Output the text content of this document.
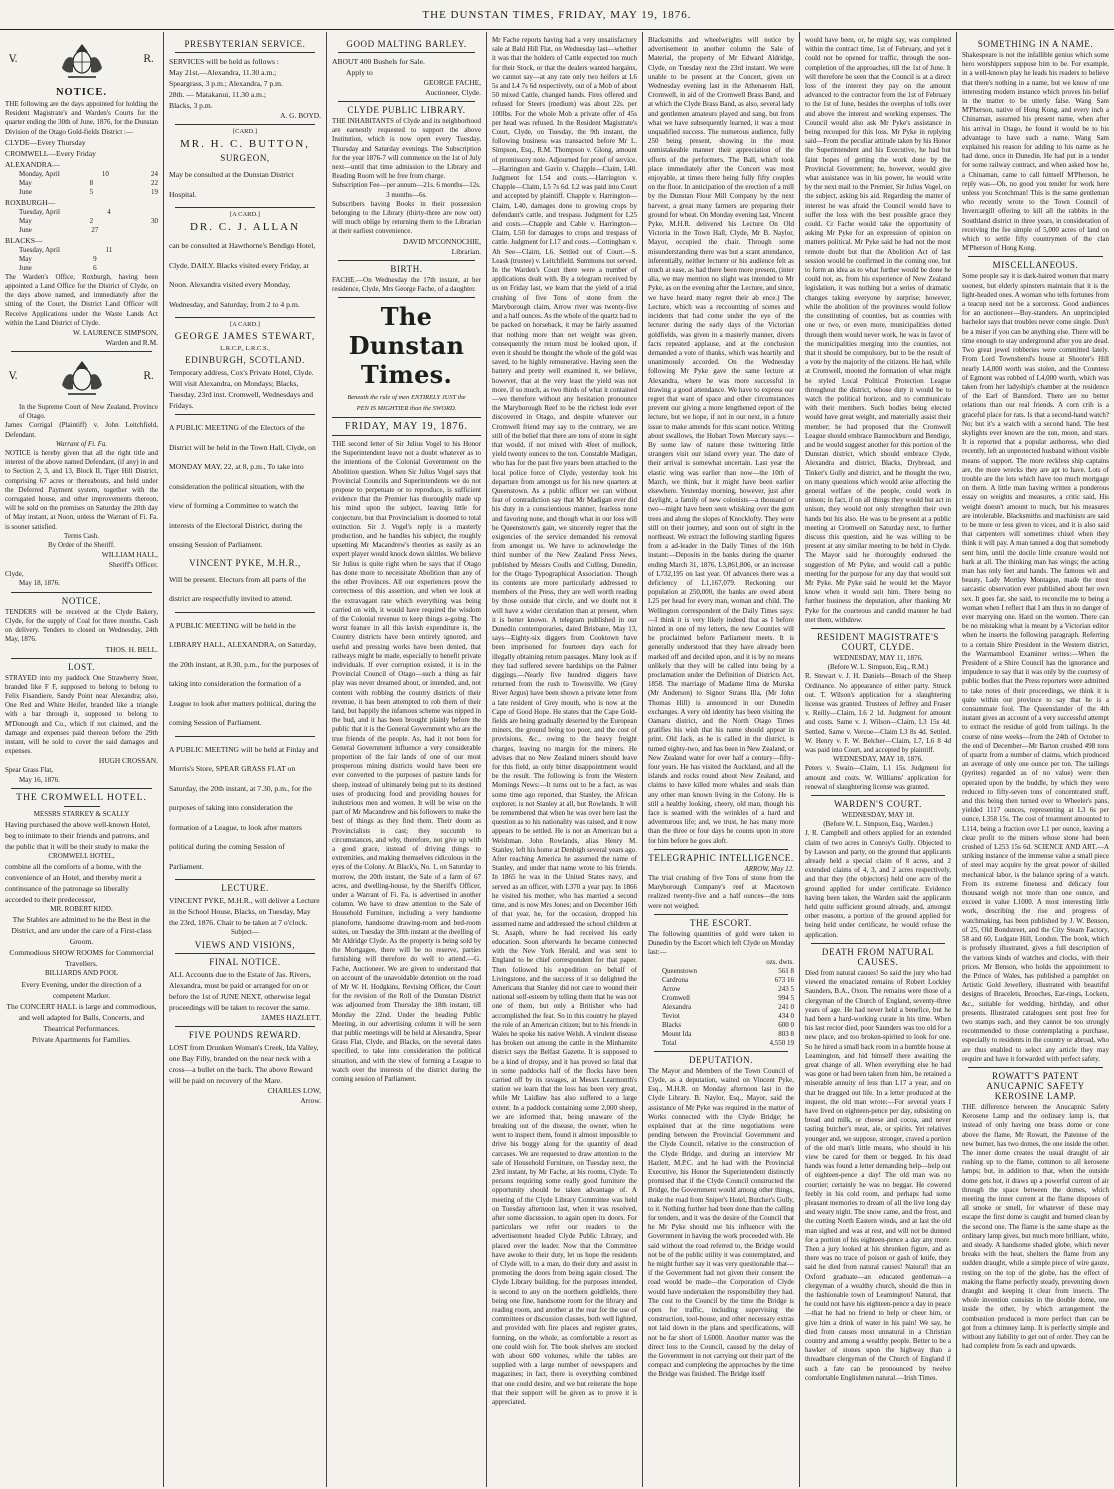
THE DUNSTAN TIMES, FRIDAY, MAY 19, 1876.
V.	R.
NOTICE.
THE following are the days appointed for holding the Resident Magistrate's and Warden's Courts for the quarter ending the 30th of June, 1876, for the Dunstan Division of the Otago Gold-fields District :—
CLYDE—Every Thursday
CROMWELL—Every Friday
ALEXANDRA—
Monday, April	10	24
May	8	22
June	5	19
ROXBURGH—
Tuesday, April	4
May	2	30
June	27
BLACKS—
Tuesday, April	11
May	9
June	6
The Warden's Office, Roxburgh, having been appointed a Land Office for the District of Clyde, on the days above named, and immediately after the sitting of the Court, the District Land Officer will Receive Applications under the Waste Lands Act within the Land District of Clyde.
W. LAURENCE SIMPSON,
Warden and R.M.
V.	R.
In the Supreme Court of New Zealand, Province of Otago.
James Corrigal (Plaintiff) v. John Leitchfield, Defendant.
Warrant of Fi. Fa.
NOTICE is hereby given that all the right title and interest of the above named Defendant, (if any) in and to Section 2, 3, and 13, Block II, Tiger Hill District, comprising 67 acres or thereabouts, and held under the Deferred Payment system, together with the corrugated house, and other improvements thereon, will be sold on the premises on Saturday the 20th day of May instant, at Noon, unless the Warrant of Fi. Fa. is sooner satisfied.
Terms Cash.
By Order of the Sheriff.
WILLIAM HALL,
Sheriff's Officer.
Clyde,
May 18, 1876.
NOTICE.
TENDERS will be received at the Clyde Bakery, Clyde, for the supply of Coal for three months. Cash on delivery. Tenders to closed on Wednesday, 24th May, 1876.
THOS. H. BELL.
LOST.
STRAYED into my paddock One Strawberry Steer, branded like F F, supposed to belong to belong to Felix Fisandiere, Sandy Point near Alexandra; also, One Red and White Heifer, branded like a triangle with a bar through it, supposed to belong to M'Donough and Co., which if not claimed, and the damage and expenses paid thereon before the 29th instant, will be sold to cover the said damages and expenses.
HUGH CROSSAN.
Spear Grass Flat,
May 16, 1876.
THE CROMWELL HOTEL.
MESSRS STARKEY & SCALLY
Having purchased the above well-known Hotel, beg to intimate to their friends and patrons, and the public that it will be their study to make the
CROMWELL HOTEL,
combine all the comforts of a home, with the convenience of an Hotel, and thereby merit a continuance of the patronage so liberally accorded to their predecessor,
MR. ROBERT KIDD.
The Stables are admitted to be the Best in the District, and are under the care of a First-class Groom.
Commodious SHOW ROOMS for Commercial Travellers.
BILLIARDS AND POOL
Every Evening, under the direction of a competent Marker.
The CONCERT HALL is large and commodious, and well adapted for Balls, Concerts, and Theatrical Performances.
Private Apartments for Families.
PRESBYTERIAN SERVICE.
SERVICES will be held as follows :
May 21st.—Alexandra, 11.30 a.m.;
Speargrass, 3 p.m.; Alexandra, 7 p.m.
28th. — Matakanui, 11.30 a.m.;
Blacks, 3 p.m.
A. G. BOYD.
[CARD.]
MR. H. C. BUTTON,
SURGEON,
May be consulted at the Dunstan District Hospital.
[A CARD.]
DR. C. J. ALLAN
can be consulted at Hawthorne's Bendigo Hotel, Clyde, DAILY. Blacks visited every Friday, at Noon. Alexandra visited every Monday, Wednesday, and Saturday, from 2 to 4 p.m.
[A CARD.]
GEORGE JAMES STEWART,
L.R.C.P., L.R.C.S.,
EDINBURGH, SCOTLAND.
Temporary address, Cox's Private Hotel, Clyde. Will visit Alexandra, on Mondays; Blacks, Tuesday, 23rd inst. Cromwell, Wednesdays and Fridays.
A PUBLIC MEETING of the Electors of the District will be held in the Town Hall, Clyde, on MONDAY MAY, 22, at 8, p.m., To take into consideration the political situation, with the view of forming a Committee to watch the interests of the Electoral District, during the ensuing Session of Parliament.
VINCENT PYKE, M.H.R.,
Will be present. Electors from all parts of the district are respectfully invited to attend.
A PUBLIC MEETING will be held in the LIBRARY HALL, ALEXANDRA, on Saturday, the 20th instant, at 8.30, p.m., for the purposes of taking into consideration the formation of a League to look after matters political, during the coming Session of Parliament.
A PUBLIC MEETING will be held at Finlay and Morris's Store, SPEAR GRASS FLAT on Saturday, the 20th instant, at 7.30, p.m., for the purposes of taking into consideration the formation of a League, to look after matters political during the coming Session of Parliament.
LECTURE.
VINCENT PYKE, M.H.R., will deliver a Lecture in the School House, Blacks, on Tuesday, May the 23rd, 1876. Chair to be taken at 7 o'clock.
Subject—
VIEWS AND VISIONS,
FINAL NOTICE.
ALL Accounts due to the Estate of Jas. Rivers, Alexandra, must be paid or arranged for on or before the 1st of JUNE NEXT, otherwise legal proceedings will be taken to recover the same.
JAMES HAZLETT.
FIVE POUNDS REWARD.
LOST from Drunken Woman's Creek, Ida Valley, one Bay Filly, branded on the near neck with a cross—a bullet on the back. The above Reward will be paid on recovery of the Mare.
CHARLES LOW,
Arrow.
GOOD MALTING BARLEY.
ABOUT 400 Bushels for Sale.
Apply to
GEORGE FACHE,
Auctioneer, Clyde.
CLYDE PUBLIC LIBRARY.
THE INHABITANTS of Clyde and its neighborhood are earnestly requested to support the above Institution, which is now open every Tuesday, Thursday and Saturday evenings. The Subscription for the year 1876-7 will commence on the 1st of July next—until that time admission to the Library and Reading Room will be free from charge.
Subscription Fee—per annum—21s. 6 months—12s. 3 months—6s.
Subscribers having Books in their possession belonging to the Library (thirty-three are now out) will much oblige by returning them to the Librarian at their earliest convenience.
DAVID M'CONNOCHIE,
Librarian.
BIRTH.
FACHE.—On Wednesday the 17th instant, at her residence, Clyde, Mrs George Fache, of a daughter.
The Dunstan Times.
Beneath the rule of men ENTIRELY JUST the
PEN IS MIGHTIER than the SWORD.
FRIDAY, MAY 19, 1876.
THE second letter of Sir Julius Vogel to his Honor the Superintendent leave not a doubt whatever as to the intentions of the Colonial Government on the Abolition question. When Sir Julius Vogel says that Provincial Councils and Superintendents we do not propose to perpetuate or to reproduce, is sufficient evidence that the Premier has thoroughly made up his mind upon the subject, leaving little for conjecture, but that Provincialism is doomed to total extinction. Sir J. Vogel's reply is a masterly production, and he handles his subject, the roughly upsetting Mr Macandrew's theories as easily as an expert player would knock down skittles. We believe Sir Julius is quite right when he says that if Otago has done more to necessitate Abolition than any of the other Provinces. All our experiences prove the correctness of this assertion, and when we look at the extravagant rate which everything was being carried on with, it would have required the wisdom of the Colonial revenue to keep things a-going. The worst feature in all this lavish expenditure is, the Country districts have been entirely ignored, and useful and pressing works have been denied, that railways might be made, especially to benefit private individuals. If ever corruption existed, it is in the Provincial Council of Otago—such a thing as fair play was never dreamed about, or intended, and, not content with robbing the country districts of their revenue, it has been attempted to rob them of their land, but happily the infamous scheme was nipped in the bud, and it has been brought plainly before the public that it is the General Government who are the true friends of the people. As, had it not been for General Government influence a very considerable proportion of the fair lands of one of our most prosperous mining districts would have been ere ever converted to the purposes of pasture lands for sheep, instead of ultimately being put to its destined uses of producing food and providing houses for industrious men and women. It will be wise on the part of Mr Macandrew and his followers to make the best of things as they find them. Their doom as Provincialists is cast; they succumb to circumstances, and why, therefore, not give up with a good grace, instead of driving things to extremities, and making themselves ridiculous in the eyes of the Colony. At Black's, No. 1, on Saturday to morrow, the 20th instant, the Sale of a farm of 67 acres, and dwelling-house, by the Sheriff's Officer, under a Warrant of Fi. Fa. is advertised in another column. We have to draw attention to the Sale of Household Furniture, including a very handsome pianoforte, handsome drawing-room and bed-room suites, on Tuesday the 30th instant at the dwelling of Mr Aldridge Clyde. As the property is being sold by the Mortgagee, there will be no reserve, parties furnishing will therefore do well to attend.—G. Fache, Auctioneer. We are given to understand that on account of the unavoidable detention on the road of Mr W. H. Hodgkins, Revising Officer, the Court for the revision of the Roll of the Dunstan District was adjourned from Thursday the 18th instant, till Monday the 22nd. Under the heading Public Meeting, in our advertising column it will be seen that public meetings will be held at Alexandra, Spear Grass Flat, Clyde, and Blacks, on the several dates specified, to take into consideration the political situation, and with the view of forming a League to watch over the interests of the district during the coming session of Parliament.
Mr Fache reports having had a very unsatisfactory sale at Bald Hill Flat, on Wednesday last—whether it was that the holders of Cattle expected too much for their Stock, or that the dealers wanted bargains, we cannot say—at any rate only two heifers at L6 5s and L4 7s 6d respectively, out of a Mob of about 50 mixed Cattle, changed hands. Fires offered and refused for Steers (medium) was about 22s. per 100lbs. For the whole Mob a private offer of 45s per head was refused. In the Resident Magistrate's Court, Clyde, on Tuesday, the 9th instant, the following business was transacted before Mr L. Simpson, Esq., R.M. Thompson v. Glong, amount of promissory note. Adjourned for proof of service.—Harrington and Gavin v. Chapple—Claim, L40. Judgment for L54 and costs.—Harrington v. Chapple—Claim, L5 7s 6d. L2 was paid into Court and accepted by plaintiff. Chapple v. Harrington—Claim, L40, damages done to growing crops by defendant's cattle, and trespass. Judgment for L25 and costs.—Chapple and Cable v. Harrington—Claim, L50 for damages to crops and trespass of cattle. Judgment for L17 and costs.—Cottingham v. Ah See—Claim, L6. Settled out of Court.—S. Leask (trustee) v. Leitchfield. Summons not served. In the Warden's Court there were a number of applications dealt with. By a telegram received by us on Friday last, we learn that the yield of a trial crushing of five Tons of stone from the Maryborough claim, Arrow river was twenty-five and a half ounces. As the whole of the quartz had to be packed on horseback, it may be fairly assumed that nothing more than net weight was given, consequently the return must be looked upon, if even it should be thought the whole of the gold was saved, to be highly remunerative. Having seen the battery and pretty well examined it, we believe, however, that at the very least the yield was not more, if so much, as two thirds of what it contained—we therefore without any hesitation pronounce the Maryborough Reef to be the richest lode ever discovered in Otago, and despite whatever our Cromwell friend may say to the contrary, we are still of the belief that there are tons of stone in sight that would, if not mixed with 4feet of mullock, yield twenty ounces to the ton. Constable Madigan, who has for the past five years been attached to the local police force of Clyde, yesterday took his departure from amongst us for his new quarters at Queenstown. As a public officer we can without fear of contradiction say that Mr Madigan ever did his duty in a conscientious manner, fearless none and favoring none, and though what in our loss will be Queenstown's gain, we sincerely regret that the exigencies of the service demanded his removal from amongst us. We have to acknowledge the third number of the New Zealand Press News, published by Messrs Coulls and Culling, Dunedin, for the Otago Typographical Association. Though its contents are more particularly addressed to members of the Press, they are well worth reading by those outside that circle, and we doubt not it will have a wider circulation than at present, when it is better known. A telegram published in our Dunedin contemporaries, dated Brisbane, May 13, says—Eighty-six diggers from Cooktown have been imprisoned for fourteen days each for illegally obtaining return passages. Many look as if they had suffered severe hardships on the Palmer diggings.—Nearly five hundred diggers have returned from the rush to Townsville. We (Grey River Argus) have been shown a private letter from a late resident of Grey mouth, who is now at the Cape of Good Hope. He states that the Cape Gold-fields are being gradually deserted by the European miners, the ground being too poor, and the cost of provisions, &c., owing to the heavy freight charges, leaving no margin for the miners. He advises that no New Zealand miners should leave for this field, as only bitter disappointment would be the result. The following is from the Western Mornings News:—It turns out to be a fact, as was some time ago reported, that Stanley, the African explorer, is not Stanley at all, but Rowlands. It will be remembered that when he was over here last the question as to his nationality was raised, and it now appears to be settled. He is not an American but a Welshman. John Rowlands, alias Henry M. Stanley, left his home at Denbigh several years ago. After reaching America he assumed the name of Stanley, and under that name wrote to his friends. In 1865 he was in the United States navy, and served as an officer, with L370 a year pay. In 1866 he visited his mother, who has married a second time, and is now Mrs Jones; and on December 16th of that year, he, for the occasion, dropped his assumed name and addressed the school children at St. Asaph, where he had received his early education. Soon afterwards he became connected with the New York Herald, and was sent to England to be chief correspondent for that paper. Then followed his expedition on behalf of Livingstone, and the success of it so delighted the Americans that Stanley did not care to wound their national self-esteem by telling them that he was not one of them, but only a Britisher who had accomplished the feat. So in this country he played the role of an American citizen; but to his friends in Wales he spoke his native Welsh. A virulent disease has broken out among the cattle in the Minhamite district says the Belfast Gazette. It is supposed to be a kind of dropsy, and it has proved so fatal that in some paddocks half of the flocks have been carried off by its ravages, at Messrs Learmonth's station we learn that the loss has been very great, while Mr Laidlaw has also suffered to a large extent. In a paddock containing some 2,000 sheep, we are informed that, being unaware of the breaking out of the disease, the owner, when he went to inspect them, found it almost impossible to drive his boggy along for the quantity of dead carcases. We are requested to draw attention to the sale of Household Furniture, on Tuesday next, the 23rd instant, by Mr Fache, at his rooms, Clyde. To persons requiring some really good furniture the opportunity should be taken advantage of. A meeting of the Clyde Library Committee was held on Tuesday afternoon last, when it was resolved, after some discussion, to again open its doors. For particulars we refer our readers to the advertisement headed Clyde Public Library, and placed over the leader. Now that the Committee have awoke to their duty, let us hope the residents of Clyde will, to a man, do their duty and assist in promoting the doors from being again closed. The Clyde Library building, for the purposes intended, is second to any on the northern goldfields, there being one fine, handsome room for the library and reading room, and another at the rear for the use of committees or discussion classes, both well lighted, and provided with fire places and register grates, forming, on the whole, as comfortable a resort as one could wish for. The book shelves are stocked with about 600 volumes, while the tables are supplied with a large number of newspapers and magazines; in fact, there is everything combined that one could desire, and we but reiterate the hope that their support will be given as to prove it is appreciated.
Blacksmiths and wheelwrights will notice by advertisement in another column the Sale of Material, the property of Mr Edward Aldridge, Clyde, on Tuesday next the 23rd instant. We were unable to be present at the Concert, given on Wednesday evening last in the Athenaeum Hall, Cromwell, in aid of the Cromwell Brass Band, and at which the Clyde Brass Band, as also, several lady and gentlemen amateurs played and sang, but from what we have subsequently learned, it was a most unqualified success. The numerous audience, fully 250 being present, showing in the most unmistakeable manner their appreciation of the efforts of the performers. The Ball, which took place immediately after the Concert was most enjoyable, at times there being fully fifty couples on the floor. In anticipation of the erection of a mill by the Dunstan Flour Mill Company by the next harvest, a great many farmers are preparing their ground for wheat. On Monday evening last, Vincent Pyke, M.H.R. delivered his Lecture On Old Victoria in the Town Hall, Clyde, Mr B. Naylor, Mayor, occupied the chair. Through some misunderstanding there was but a scant attendance, inferentially, neither lecturer or his audience felt as much at ease, as had there been more present, (inter alia, we may mention no slight was intended to Mr Pyke, as on the evening after the Lecture, and since, we have heard many regret their ab ence.) The Lecture, which was a reccounting of scenes and incidents that had come under the eye of the lecturer during the early days of the Victorian goldfields, was given in a masterly manner, divers facts repeated applause, and at the conclusion demanded a vote of thanks, which was heartily and unanimously accorded. On the Wednesday following Mr Pyke gave the same lecture at Alexandra, where he was more successful in drawing a good attendance. We have to express our regret that want of space and other circumstances prevent our giving a more lengthened report of the lecture, but we hope, if not in our next, in a future issue to make amends for this scant notice. Writing about swallows, the Hobart Town Mercury says:—By some law of nature these twittering little strangers visit our island every year. The date of their arrival is somewhat uncertain. Last year the elastic wing was earlier than now—the 10th of March, we think, but it might have been earlier elsewhere. Yesterday morning, however, just after daylight, a family of new colonists—a thousand or two—might have been seen whisking over the gum trees and along the slopes of Knocklofty. They were still on their journey, and soon out of sight in the northeast. We extract the following startling figures from a ad-leader in the Daily Times of the 16th instant:—Deposits in the banks during the quarter ending March 31, 1876, L3,861,806, or an increase of L732,195 on last year. Of advances there was a deficiency of L1,167,079. Reckoning our population at 250,000, the banks are owed about L25 per head for every man, woman and child. The Wellington correspondent of the Daily Times says:—I think it is very likely indeed that as I before hinted in one of my letters, the new Counties will be proclaimed before Parliament meets. It is generally understood that they have already been marked off and decided upon, and it is by no means unlikely that they will be called into being by a proclamation under the Definition of Districts Act, 1858. The marriage of Madame Ilma de Murska (Mr Anderson) to Signor Strans Illa, (Mr John Thomas Hill) is announced in our Dunedin exchanges. A very old identity has been visiting the Oamaru district, and the North Otago Times gratifies his wish that his name should appear in print. Old Jack, as he is called in the district, is turned eighty-two, and has been in New Zealand, or New Zealand water for over half a century—fifty-four years. He has visited the Auckland, and all the islands and rocks round about New Zealand, and claims to have killed more whales and seals than any other man known living in the Colony. He is still a healthy looking, cheery, old man, though his face is seamed with the wrinkles of a hard and adventurous life; and, we trust, he has many more than the three or four days he counts upon in store for him before he goes aloft.
TELEGRAPHIC INTELLIGENCE.
ARROW, May 12.
The trial crushing of five Tons of stone from the Maryborough Company's reef at Macetown realized twenty-five and a half ounces—the tons were not weighed.
THE ESCORT.
The following quantities of gold were taken to Dunedin by the Escort which left Clyde on Monday last:—
ozs. dwts.
Queenstown	561 8
Cardrona	673 16
Arrow	243 5
Cromwell	994 5
Alexandra	241 0
Teviot	434 0
Blacks	600 0
Mount Ida	803 8
Total	4,550 19
DEPUTATION.
The Mayor and Members of the Town Council of Clyde, as a deputation, waited on Vincent Pyke, Esq., M.H.R. on Monday afternoon last in the Clyde Library. B. Naylor, Esq., Mayor, said the assistance of Mr Pyke was required in the matter of Works connected with the Clyde Bridge; he explained that at the time negotiations were pending between the Provincial Government and the Clyde Council, relative to the construction of the Clyde Bridge, and during an interview Mr Hazlett, M.P.C. and he had with the Provincial Executive, his Honor the Superintendent distinctly promised that if the Clyde Council constructed the Bridge, the Government would among other things, make the road from Sniper's Hotel, Butcher's Gully, to it. Nothing further had been done than the calling for tenders, and it was the desire of the Council that he Mr Pyke should use his influence with the Government in having the work proceeded with. He said without the road referred to, the Bridge would not be of the public utility it was contemplated, and he might further say it was very questionable that—if the Government had not given their consent the road would be made—the Corporation of Clyde would have undertaken the responsibility they had. The cost to the Council by the time the Bridge is open for traffic, including supervising the construction, tool-house, and other necessary extras not laid down in the plans and specifications, will not be far short of L6000. Another matter was the direct loss to the Council, caused by the delay of the Government in not carrying out their part of the compact and completing the approaches by the time the Bridge was finished. The Bridge itself
would have been, or, he might say, was completed within the contract time, 1st of February, and yet it could not be opened for traffic, through the non-completion of the approaches, till the 1st of June. It will therefore be seen that the Council is at a direct loss of the interest they pay on the amount advanced to the contractor from the 1st of February to the 1st of June, besides the overplus of tolls over and above the interest and working expenses. The Council would also ask Mr Pyke's assistance in being recouped for this loss. Mr Pyke in replying said—From the peculiar attitude taken by his Honor the Superintendent and his Executive, he had but faint hopes of getting the work done by the Provincial Government; he, however, would give what assistance was in his power, he would write by the next mail to the Premier, Sir Julius Vogel, on the subject, asking his aid. Regarding the matter of interest he was afraid the Council would have to suffer the loss with the best possible grace they could. Cr Fache would take the opportunity of asking Mr Pyke for an expression of opinion on matters political. Mr Pyke said he had not the most remote doubt but that the Abolition Act of last session would be confirmed in the coming one, but to form an idea as to what further would be done he could not, as, from his experience of New Zealand legislation, it was nothing but a series of dramatic changes taking everyone by surprise; however, while the abolition of the provinces would follow the constituting of counties, but as counties with one or two, or even more, municipalities dotted through them would never work, he was in favor of the municipalities merging into the counties, not that it should be compulsory, but to be the result of a vote by the majority of the citizens. He had, while at Cromwell, mooted the formation of what might be styled Local Political Protection League throughout the district, whose duty it would be to watch the political horizon, and to communicate with their members. Such bodies being elected would have great weight, and materially assist their member; he had proposed that the Cromwell League should embrace Bannockburn and Bendigo, and he would suggest another for this portion of the Dunstan district, which should embrace Clyde, Alexandra and district, Blacks, Drybread, and Tinker's Gully and district, and he thought the two, on many questions which would arise affecting the general welfare of the people, could work in unison; in fact, if on all things they would but act in unison, they would not only strengthen their own hands but his also. He was to be present at a public meeting at Cromwell on Saturday next, to further discuss this question, and he was willing to be present at any similar meeting to be held in Clyde. The Mayor said he thoroughly endorsed the suggestion of Mr Pyke, and would call a public meeting for the purpose for any day that would suit Mr Pyke. Mr Pyke said he would let the Mayor know when it would suit him. There being no further business the deputation, after thanking Mr Pyke for the courteous and candid manner he had met them, withdrew.
RESIDENT MAGISTRATE'S COURT, CLYDE.
WEDNESDAY, MAY 11, 1876.
(Before W. L. Simpson, Esq., R.M.)
R. Stewart v. J. H. Daniels—Breach of the Sheep Ordinance. No appearance of either party. Struck out. T. Wilson's application for a slaughtering license was granted. Trustees of Jeffrey and Fraser v. Reilly—Claim, L6 2 1d. Judgment for amount and costs. Same v. J. Wilson—Claim, L3 15s 4d. Settled. Same v. Vercoe—Claim L3 8s 4d. Settled. W. Henry v. F. W. Belcher—Claim, L7, L6 8 4d was paid into Court, and accepted by plaintiff.
WEDNESDAY, MAY 18, 1876.
Peters v. Swain—Claim, L1 15s. Judgment for amount and costs. W. Williams' application for renewal of slaughtering license was granted.
WARDEN'S COURT.
WEDNESDAY, MAY 18.
(Before W. L. Simpson, Esq., Warden.)
J. R. Campbell and others applied for an extended claim of two acres in Conroy's Gully. Objected to by Lawson and party, on the ground that applicants already held a special claim of 8 acres, and 2 extended claims of 4, 3, and 2 acres respectively, and that they (the objectors) held one acre of the ground applied for under certificate. Evidence having been taken, the Warden said the applicants held quite sufficient ground already, and, amongst other reasons, a portion of the ground applied for being held under certificate, he would refuse the application.
DEATH FROM NATURAL CAUSES.
Died from natural causes! So said the jury who had viewed the emaciated remains of Robert Lockley Saunders, B.A., Oxon. The remains were those of a clergyman of the Church of England, seventy-three years of age. He had never held a benefice, but he had been a hard-working curate in his time. When his last rector died, poor Saunders was too old for a new place, and too broken-spirited to look for one. So he hired a small back room in a humble house at Leamington, and hid himself there awaiting the great change of all. When everything else he had was gone or had been taken from him, he retained a miserable annuity of less than L17 a year, and on that he dragged out life. In a letter produced at the inquest, the old man wrote:—For several years I have lived on eighteen-pence per day, subsisting on bread and milk, or cheese and cocoa, and never tasting butcher's meat, ale, or spirits. Yet relatives younger and, we suppose, stronger, craved a portion of the old man's little means, who should in his view be cared for them or begged. In his dead hands was found a letter demanding help—help out of eighteen-pence a day! The old man was no courtier; certainly he was no beggar. He cowered feebly in his cold room, and perhaps had some pleasant memories to dream of all the live long day and weary night. The snow came, and the frost, and the cutting North Eastern winds, and at last the old man sighed and was at rest, and will not be dunned for a portion of his eighteen-pence a day any more. Then a jury looked at his shrunken figure, and as there was no trace of poison or gash of knife, they said he died from natural causes! Natural! that an Oxford graduate—an educated gentleman—a clergyman of a wealthy church, should die thus in the fashionable town of Leamington! Natural, that he could not have his eighteen-pence a day in peace—that he had no friend to help or cheer him, or give him a drink of water in his pain! We say, he died from causes most unnatural in a Christian country and among a wealthy people. Better to be a hawker of stones upon the highway than a threadbare clergyman of the Church of England if such a fate can be pronounced by twelve comfortable Englishmen natural.—Irish Times.
SOMETHING IN A NAME.
Shakespeare is not the infallible genius which some hero worshippers suppose him to be. For example, in a well-known play he leads his readers to believe that there's nothing in a name, but we know of one interesting modern instance which proves his belief in the matter to be utterly false. Wang Sam M'Pherson, native of Hong Kong, and every inch a Chinaman, assumed his present name, when after his arrival in Otago, he found it would be to his advantage to have such a name. Wang Sam explained his reason for adding to his name as he had done, once in Dunedin. He had put in a tender for some railway contract, and when asked how he, a Chinaman, came to call himself M'Pherson, he reply was—Oh, no good you tender for work here unless you Scotchman! This is the same gentleman who recently wrote to the Town Council of Invercargill offering to kill all the rabbits in the Southland district in three years, in consideration of receiving the fee simple of 5,000 acres of land on which to settle fifty countrymen of the clan M'Pherson of Hong Kong.
MISCELLANEOUS.
Some people say it is dark-haired women that marry soonest, but elderly spinsters maintain that it is the light-headed ones. A woman who tells fortunes from a teacup need not be a sorceress. Good audiences for an auctioneer—Buy-standers. An unprincipled bachelor says that troubles never come single. Don't be a miser if you can be anything else. There will be time enough to stay underground after you are dead. Two great jewel robberies were committed lately. From Lord Townshend's house at Shooter's Hill nearly L4,000 worth was stolen, and the Countess of Egmont was robbed of L4,000 worth, which was taken from her ladyship's chamber at the residence of the Earl of Bantsford. There are no better relations than our real friends. A corn crib is a graceful place for rats. Is that a second-hand watch? No; but it's a watch with a second hand. The best skylights ever known are the sun, moon, and stars. It is reported that a popular authoress, who died recently, left an unprotected husband without visible means of support. The more reckless ship captains are, the more wrecks they are apt to have. Lots of trouble are the lots which have too much mortgage on them. A little man having written a ponderous essay on weights and measures, a critic said, His weight doesn't amount to much, but his measures are intolerable. Blacksmiths and machinists are said to be more or less given to vices, and it is also said that carpenters will sometimes chisel when they think it will pay. A man tanned a dog that somebody sent him, until the docile little creature would not bark at all. The thinking man has wings; the acting man has only feet and hands. The famous wit and beauty, Lady Mortley Montague, made the most sarcastic observation ever published about her own sex. It goes far, she said, to reconcile me to being a woman when I reflect that I am thus in no danger of ever marrying one. Hard on the women. There can be no mistaking what is meant by a Victorian editor when he inserts the following paragraph. Referring to a certain Shire President in the Western district, the Warrnambool Examiner writes:—When the President of a Shire Council has the ignorance and impudence to say that it was only by the courtesy of public bodies that the Press reporters were admitted to take notes of their proceedings, we think it is quite within our province to say that he is a consummate fool. The Queenslander of the 4th instant gives an account of a very successful attempt to extract the residue of gold from tailings. In the course of nine weeks—from the 24th of October to the end of December—Mr Barton crushed 498 tons of quartz from a number of claims, which produced an average of only one ounce per ton. The tailings (pyrites) regarded as of no value) were then operated upon by the buddle, by which they were reduced to fifty-seven tons of concentrated stuff, and this being then turned over to Wheeler's pans, yielded 1117 ounces, representing at L3 6s per ounce, L358 15s. The cost of treatment amounted to L114, being a fraction over L1 per ounce, leaving a clear profit to the miners whose stone had been crushed of L253 15s 6d. SCIENCE AND ART.—A striking instance of the immense value a small piece of steel may acquire by the great power of skilled mechanical labor, is the balance spring of a watch. From its extreme fineness and delicacy four thousand weigh not more than one ounce, and exceed in value L1000. A most interesting little work, describing the rise and progress of watchmaking, has been published by J. W. Benson, of 25, Old Bondstreet, and the City Steam Factory, 58 and 60, Ludgate Hill, London. The book, which is profusely illustrated, gives a full description of the various kinds of watches and clocks, with their prices. Mr Benson, who holds the appointment to the Prince of Wales, has published a pamphlet on Artistic Gold Jewellery, illustrated with beautiful designs of Bracelets, Brooches, Ear-rings, Lockets, &c., suitable for wedding, birthday, and other presents. Illustrated catalogues sent post free for two stamps each, and they cannot be too strongly recommended to those contemplating a purchase, especially to residents in the country or abroad, who are thus enabled to select any article they may require and have it forwarded with perfect safety.
ROWATT'S PATENT ANUCAPNIC SAFETY KEROSINE LAMP.
THE difference between the Anucapnic Safety Kerosene Lamp and the ordinary lamp is, that instead of only having one brass dome or cone above the flame, Mr Rowatt, the Patentee of the new burner, has two domes, the one inside the other. The inner dome creates the usual draught of air rushing up to the flame, common to all kerosene lamps; but, in addition to that, when the outside dome gets hot, it draws up a powerful current of air through the space between the domes, which meeting the inner current at the flame disposes of all smoke or smell, for whatever of these may escape the first dome is caught and burned clean by the second one. The flame is the same shape as the ordinary lamp gives, but much more brilliant, white, and steady. A handsome shaded globe, which never breaks with the heat, shelters the flame from any sudden draught, while a simple piece of wire gauze, resting on the top of the globe, has the effect of making the flame perfectly steady, preventing down draught and keeping it clear from insects. The whole invention consists in the double dome, one inside the other, by which arrangement the combustion produced is more perfect than can be got from a chimney lamp. It is perfectly simple and without any liability to get out of order. They can be had complete from 5s each and upwards.
